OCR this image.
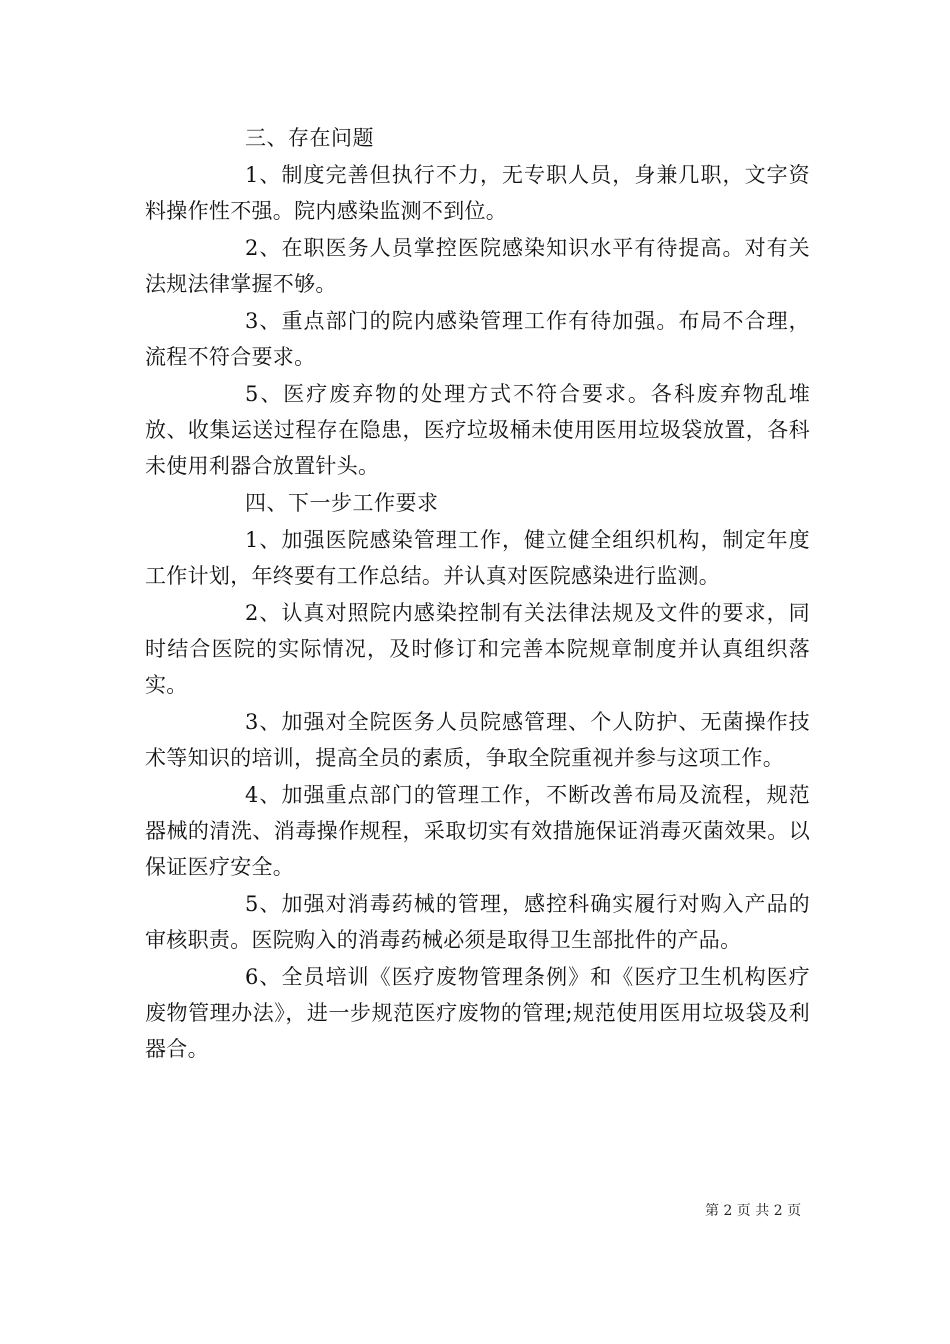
三、存在问题

1、制度完善但执行不力，无专职人员，身兼几职，文字资料操作性不强。院内感染监测不到位。

2、在职医务人员掌控医院感染知识水平有待提高。对有关法规法律掌握不够。

3、重点部门的院内感染管理工作有待加强。布局不合理，流程不符合要求。

5、医疗废弃物的处理方式不符合要求。各科废弃物乱堆放、收集运送过程存在隐患，医疗垃圾桶未使用医用垃圾袋放置，各科未使用利器合放置针头。

四、下一步工作要求

1、加强医院感染管理工作，健立健全组织机构，制定年度工作计划，年终要有工作总结。并认真对医院感染进行监测。

2、认真对照院内感染控制有关法律法规及文件的要求，同时结合医院的实际情况，及时修订和完善本院规章制度并认真组织落实。

3、加强对全院医务人员院感管理、个人防护、无菌操作技术等知识的培训，提高全员的素质，争取全院重视并参与这项工作。

4、加强重点部门的管理工作，不断改善布局及流程，规范器械的清洗、消毒操作规程，采取切实有效措施保证消毒灭菌效果。以保证医疗安全。

5、加强对消毒药械的管理，感控科确实履行对购入产品的审核职责。医院购入的消毒药械必须是取得卫生部批件的产品。

6、全员培训《医疗废物管理条例》和《医疗卫生机构医疗废物管理办法》，进一步规范医疗废物的管理;规范使用医用垃圾袋及利器合。

第 2 页 共 2 页
